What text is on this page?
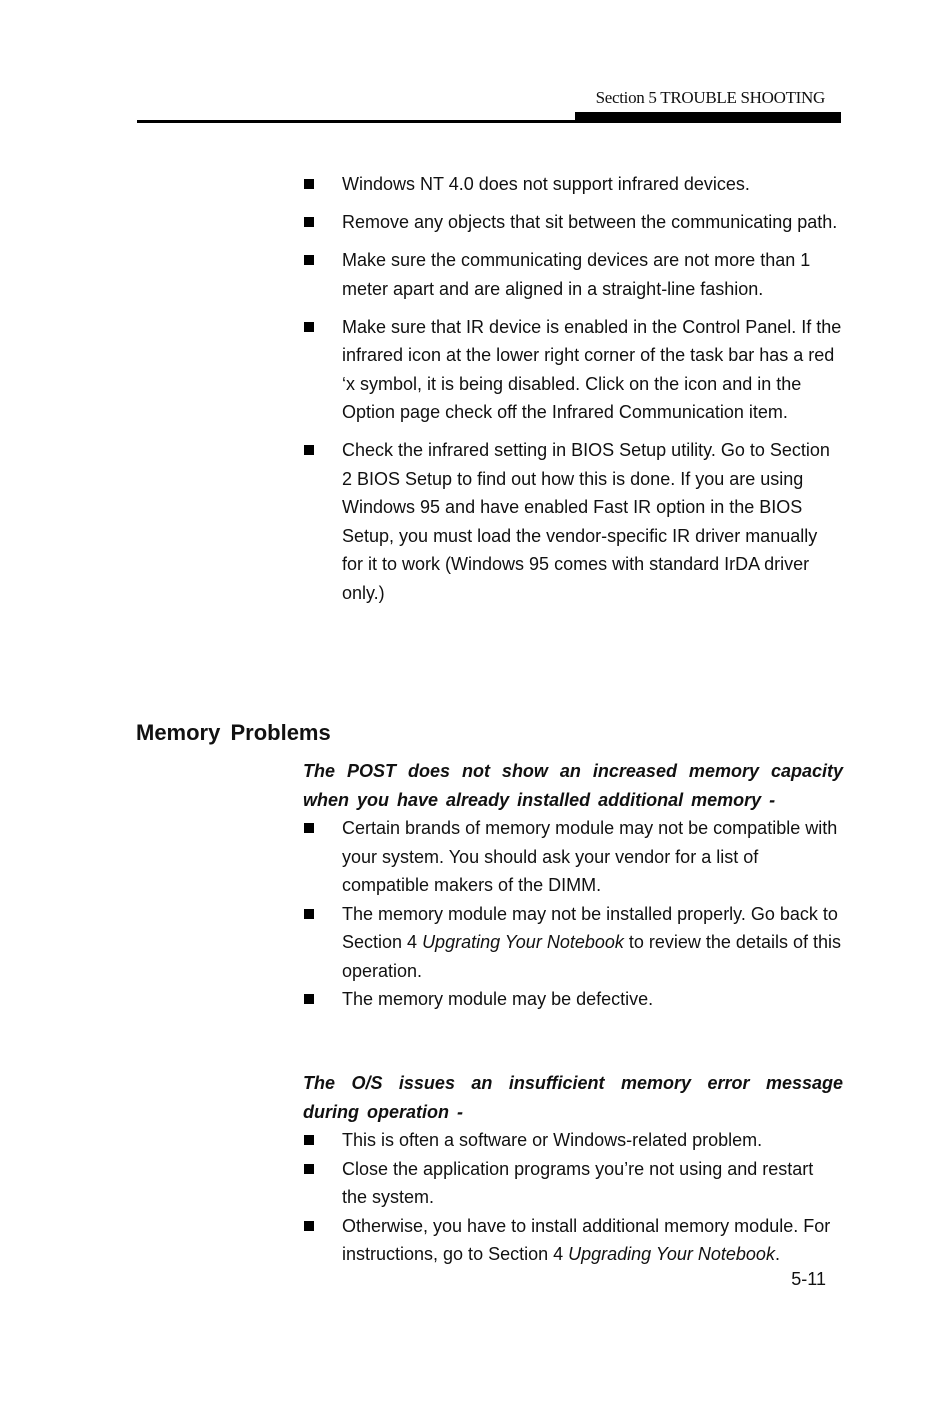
Section 5 TROUBLE SHOOTING
Windows NT 4.0 does not support infrared devices.
Remove any objects that sit between the communicating path.
Make sure the communicating devices are not more than 1 meter apart and are aligned in a straight-line fashion.
Make sure that IR device is enabled in the Control Panel. If the infrared icon at the lower right corner of the task bar has a red ‘x symbol, it is being disabled. Click on the icon and in the Option page check off the Infrared Communication item.
Check the infrared setting in BIOS Setup utility. Go to Section 2 BIOS Setup to find out how this is done. If you are using Windows 95 and have enabled Fast IR option in the BIOS Setup, you must load the vendor-specific IR driver manually for it to work (Windows 95 comes with standard IrDA driver only.)
Memory Problems
The POST does not show an increased memory capacity when you have already installed additional memory -
Certain brands of memory module may not be compatible with your system. You should ask your vendor for a list of compatible makers of the DIMM.
The memory module may not be installed properly. Go back to Section 4 Upgrating Your Notebook to review the details of this operation.
The memory module may be defective.
The O/S issues an insufficient memory error message during operation -
This is often a software or Windows-related problem.
Close the application programs you’re not using and restart the system.
Otherwise, you have to install additional memory module. For instructions, go to Section 4 Upgrading Your Notebook.
5-11
